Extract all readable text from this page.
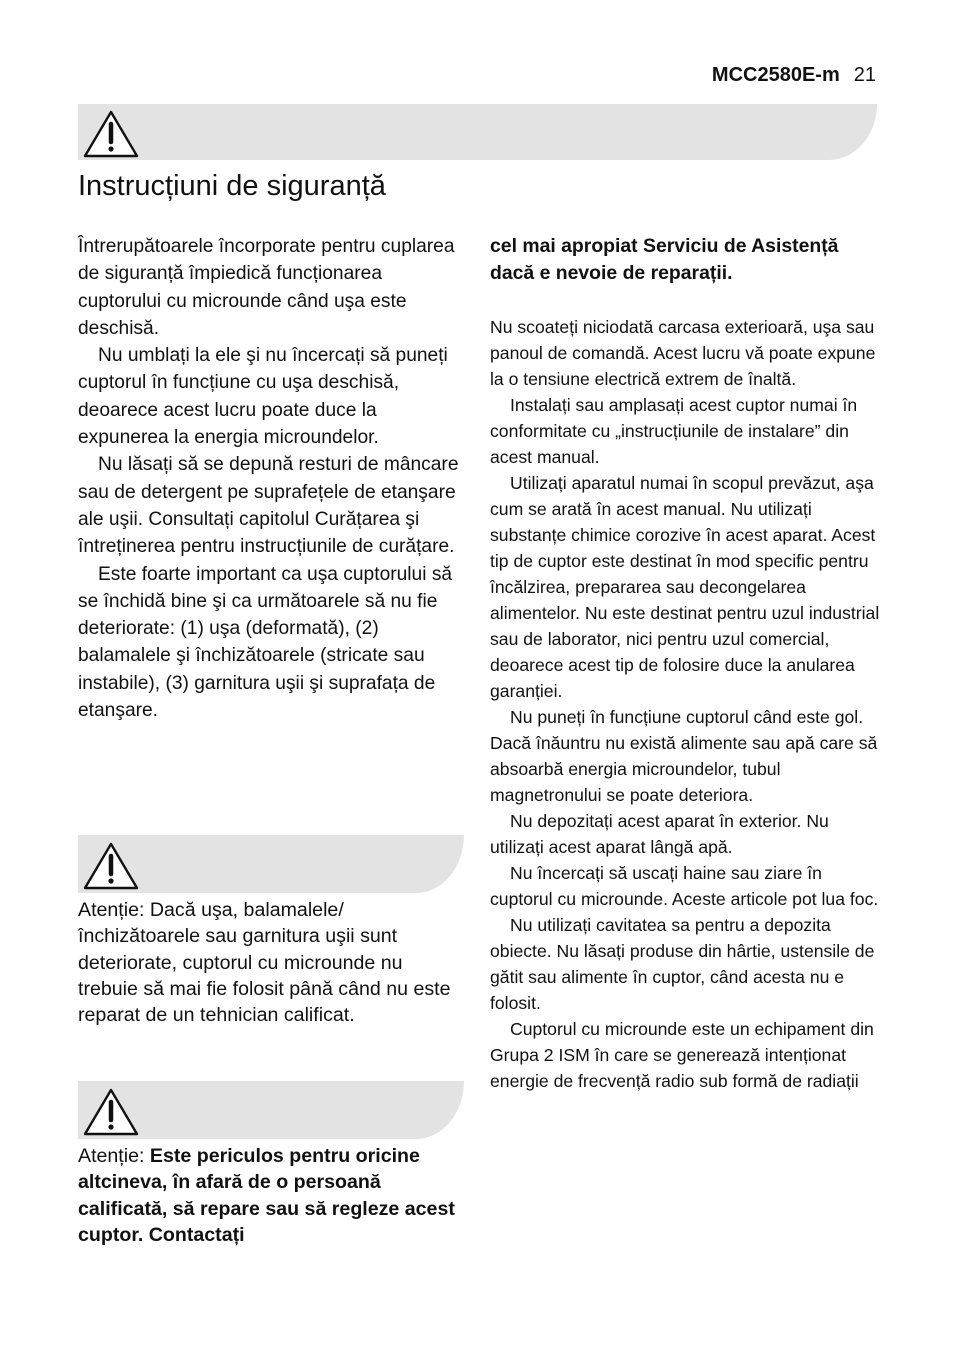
MCC2580E-m 21
Instrucțiuni de siguranță

Întrerupătoarele încorporate pentru cuplarea de siguranță împiedică funcționarea cuptorului cu microunde când uşa este deschisă.

Nu umblați la ele şi nu încercați să puneți cuptorul în funcțiune cu uşa deschisă, deoarece acest lucru poate duce la expunerea la energia microundelor.

Nu lăsați să se depună resturi de mâncare sau de detergent pe suprafețele de etanşare ale uşii. Consultați capitolul Curățarea şi întreținerea pentru instrucțiunile de curățare.

Este foarte important ca uşa cuptorului să se închidă bine şi ca următoarele să nu fie deteriorate: (1) uşa (deformată), (2) balamalele şi închizătoarele (stricate sau instabile), (3) garnitura uşii şi suprafața de etanşare.

Atenție: Dacă uşa, balamalele/închizătoarele sau garnitura uşii sunt deteriorate, cuptorul cu microunde nu trebuie să mai fie folosit până când nu este reparat de un tehnician calificat.
Atenție: Este periculos pentru oricine altcineva, în afară de o persoană calificată, să repare sau să regleze acest cuptor. Contactați

cel mai apropiat Serviciu de Asistență dacă e nevoie de reparații.

Nu scoateți niciodată carcasa exterioară, uşa sau panoul de comandă. Acest lucru vă poate expune la o tensiune electrică extrem de înaltă.

Instalați sau amplasați acest cuptor numai în conformitate cu „instrucțiunile de instalare” din acest manual.

Utilizați aparatul numai în scopul prevăzut, aşa cum se arată în acest manual. Nu utilizați substanțe chimice corozive în acest aparat. Acest tip de cuptor este destinat în mod specific pentru încălzirea, prepararea sau decongelarea alimentelor. Nu este destinat pentru uzul industrial sau de laborator, nici pentru uzul comercial, deoarece acest tip de folosire duce la anularea garanției.

Nu puneți în funcțiune cuptorul când este gol. Dacă înăuntru nu există alimente sau apă care să absoarbă energia microundelor, tubul magnetronului se poate deteriora.

Nu depozitați acest aparat în exterior. Nu utilizați acest aparat lângă apă.

Nu încercați să uscați haine sau ziare în cuptorul cu microunde. Aceste articole pot lua foc.

Nu utilizați cavitatea sa pentru a depozita obiecte. Nu lăsați produse din hârtie, ustensile de gătit sau alimente în cuptor, când acesta nu e folosit.

Cuptorul cu microunde este un echipament din Grupa 2 ISM în care se generează intenționat energie de frecvență radio sub formă de radiații
